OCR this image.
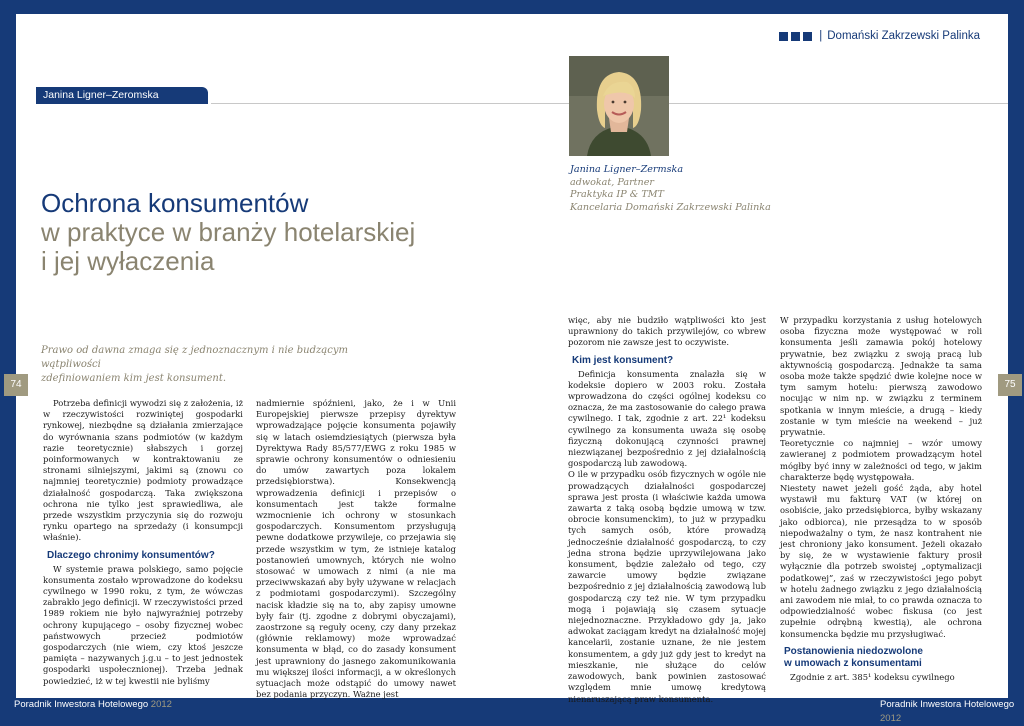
Janina Ligner–Zeromska
Ochrona konsumentów
w praktyce w branży hotelarskiej
i jej wyłaczenia

Prawo od dawna zmaga się z jednoznacznym i nie budzącym wątpliwości
zdefiniowaniem kim jest konsument.

Potrzeba definicji wywodzi się z założenia, iż w rzeczywistości rozwiniętej gospodarki rynkowej, niezbędne są działania zmierzające do wyrównania szans podmiotów (w każdym razie teoretycznie) słabszych i gorzej poinformowanych w kontraktowaniu ze stronami silniejszymi, jakimi są (znowu co najmniej teoretycznie) podmioty prowadzące działalność gospodarczą. Taka zwiększona ochrona nie tylko jest sprawiedliwa, ale przede wszystkim przyczynia się do rozwoju rynku opartego na sprzedaży (i konsumpcji właśnie).

Dlaczego chronimy konsumentów?

W systemie prawa polskiego, samo pojęcie konsumenta zostało wprowadzone do kodeksu cywilnego w 1990 roku, z tym, że wówczas zabrakło jego definicji. W rzeczywistości przed 1989 rokiem nie było najwyraźniej potrzeby ochrony kupującego – osoby fizycznej wobec państwowych przecież podmiotów gospodarczych (nie wiem, czy ktoś jeszcze pamięta – nazywanych j.g.u – to jest jednostek gospodarki uspołecznionej). Trzeba jednak powiedzieć, iż w tej kwestii nie byliśmy

nadmiernie spóźnieni, jako, że i w Unii Europejskiej pierwsze przepisy dyrektyw wprowadzające pojęcie konsumenta pojawiły się w latach osiemdziesiątych (pierwsza była Dyrektywa Rady 85/577/EWG z roku 1985 w sprawie ochrony konsumentów o odniesieniu do umów zawartych poza lokalem przedsiębiorstwa). Konsekwencją wprowadzenia definicji i przepisów o konsumentach jest także formalne wzmocnienie ich ochrony w stosunkach gospodarczych. Konsumentom przysługują pewne dodatkowe przywileje, co przejawia się przede wszystkim w tym, że istnieje katalog postanowień umownych, których nie wolno stosować w umowach z nimi (a nie ma przeciwwskazań aby były używane w relacjach z podmiotami gospodarczymi). Szczególny nacisk kładzie się na to, aby zapisy umowne były fair (tj. zgodne z dobrymi obyczajami), zaostrzone są reguły oceny, czy dany przekaz (głównie reklamowy) może wprowadzać konsumenta w błąd, co do zasady konsument jest uprawniony do jasnego zakomunikowania mu większej ilości informacji, a w określonych sytuacjach może odstąpić do umowy nawet bez podania przyczyn. Ważne jest

| Domański Zakrzewski Palinka
Janina Ligner–Zermska
adwokat, Partner
Praktyka IP & TMT
Kancelaria Domański Zakrzewski Palinka

więc, aby nie budziło wątpliwości kto jest uprawniony do takich przywilejów, co wbrew pozorom nie zawsze jest to oczywiste.

Kim jest konsument?

Definicja konsumenta znalazła się w kodeksie dopiero w 2003 roku. Została wprowadzona do części ogólnej kodeksu co oznacza, że ma zastosowanie do całego prawa cywilnego. I tak, zgodnie z art. 22¹ kodeksu cywilnego za konsumenta uważa się osobę fizyczną dokonującą czynności prawnej niezwiązanej bezpośrednio z jej działalnością gospodarczą lub zawodową.

O ile w przypadku osób fizycznych w ogóle nie prowadzących działalności gospodarczej sprawa jest prosta (i właściwie każda umowa zawarta z taką osobą będzie umową w tzw. obrocie konsumenckim), to już w przypadku tych samych osób, które prowadzą jednocześnie działalność gospodarczą, to czy jedna strona będzie uprzywilejowana jako konsument, będzie zależało od tego, czy zawarcie umowy będzie związane bezpośrednio z jej działalnością zawodową lub gospodarczą czy też nie. W tym przypadku mogą i pojawiają się czasem sytuacje niejednoznaczne. Przykładowo gdy ja, jako adwokat zaciągam kredyt na działalność mojej kancelarii, zostanie uznane, że nie jestem konsumentem, a gdy już gdy jest to kredyt na mieszkanie, nie służące do celów zawodowych, bank powinien zastosować względem mnie umowę kredytową nienaruszającą praw konsumenta.

W przypadku korzystania z usług hotelowych osoba fizyczna może występować w roli konsumenta jeśli zamawia pokój hotelowy prywatnie, bez związku z swoją pracą lub aktywnością gospodarczą. Jednakże ta sama osoba może także spędzić dwie kolejne noce w tym samym hotelu: pierwszą zawodowo nocując w nim np. w związku z terminem spotkania w innym mieście, a drugą – kiedy zostanie w tym mieście na weekend – już prywatnie.

Teoretycznie co najmniej – wzór umowy zawieranej z podmiotem prowadzącym hotel mógłby być inny w zależności od tego, w jakim charakterze będę występowała.

Niestety nawet jeżeli gość żąda, aby hotel wystawił mu fakturę VAT (w której on osobiście, jako przedsiębiorca, byłby wskazany jako odbiorca), nie przesądza to w sposób niepodważalny o tym, że nasz kontrahent nie jest chroniony jako konsument. Jeżeli okazało by się, że w wystawienie faktury prosił wyłącznie dla potrzeb swoistej „optymalizacji podatkowej”, zaś w rzeczywistości jego pobyt w hotelu żadnego związku z jego działalnością ani zawodem nie miał, to co prawda oznacza to odpowiedzialność wobec fiskusa (co jest zupełnie odrębną kwestią), ale ochrona konsumencka będzie mu przysługiwać.

Postanowienia niedozwolone
w umowach z konsumentami

Zgodnie z art. 385¹ kodeksu cywilnego

74	75
Poradnik Inwestora Hotelowego 2012	Poradnik Inwestora Hotelowego 2012
